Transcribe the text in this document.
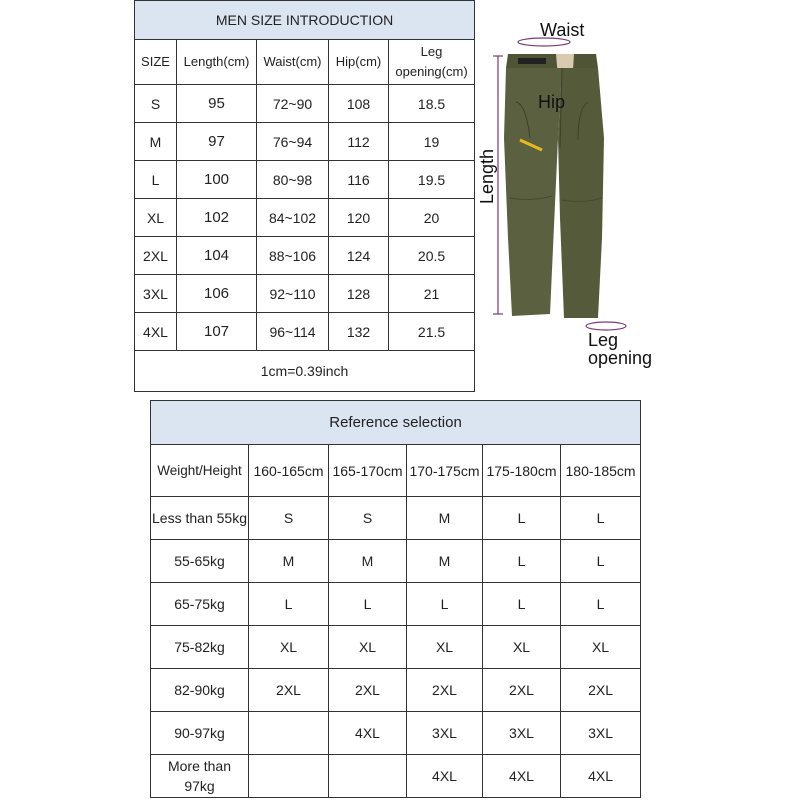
MEN SIZE INTRODUCTION				
SIZE	Length(cm)	Waist(cm)	Hip(cm)	Leg opening(cm)
S	95	72~90	108	18.5
M	97	76~94	112	19
L	100	80~98	116	19.5
XL	102	84~102	120	20
2XL	104	88~106	124	20.5
3XL	106	92~110	128	21
4XL	107	96~114	132	21.5
1cm=0.39inch				
Waist
Hip
Length
Leg
opening
Reference selection					
Weight/Height	160-165cm	165-170cm	170-175cm	175-180cm	180-185cm
Less than 55kg	S	S	M	L	L
55-65kg	M	M	M	L	L
65-75kg	L	L	L	L	L
75-82kg	XL	XL	XL	XL	XL
82-90kg	2XL	2XL	2XL	2XL	2XL
90-97kg		4XL	3XL	3XL	3XL
More than 97kg			4XL	4XL	4XL
